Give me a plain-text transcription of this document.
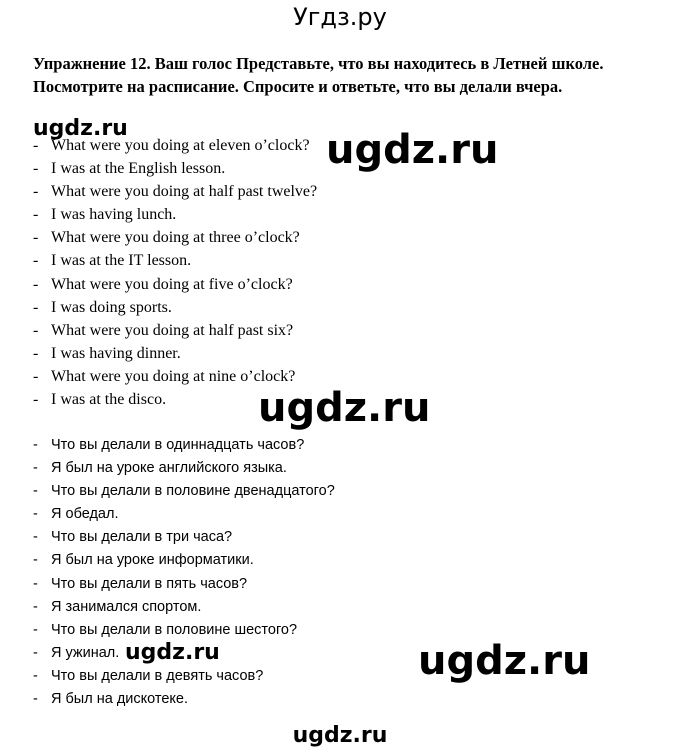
Угдз.ру
Упражнение 12. Ваш голос Представьте, что вы находитесь в Летней школе. Посмотрите на расписание. Спросите и ответьте, что вы делали вчера.
ugdz.ru	ugdz.ru
ugdz.ru
ugdz.ru	ugdz.ru
- What were you doing at eleven o’clock?
- I was at the English lesson.
- What were you doing at half past twelve?
- I was having lunch.
- What were you doing at three o’clock?
- I was at the IT lesson.
- What were you doing at five o’clock?
- I was doing sports.
- What were you doing at half past six?
- I was having dinner.
- What were you doing at nine o’clock?
- I was at the disco.
- Что вы делали в одиннадцать часов?
- Я был на уроке английского языка.
- Что вы делали в половине двенадцатого?
- Я обедал.
- Что вы делали в три часа?
- Я был на уроке информатики.
- Что вы делали в пять часов?
- Я занимался спортом.
- Что вы делали в половине шестого?
- Я ужинал.
- Что вы делали в девять часов?
- Я был на дискотеке.
ugdz.ru
